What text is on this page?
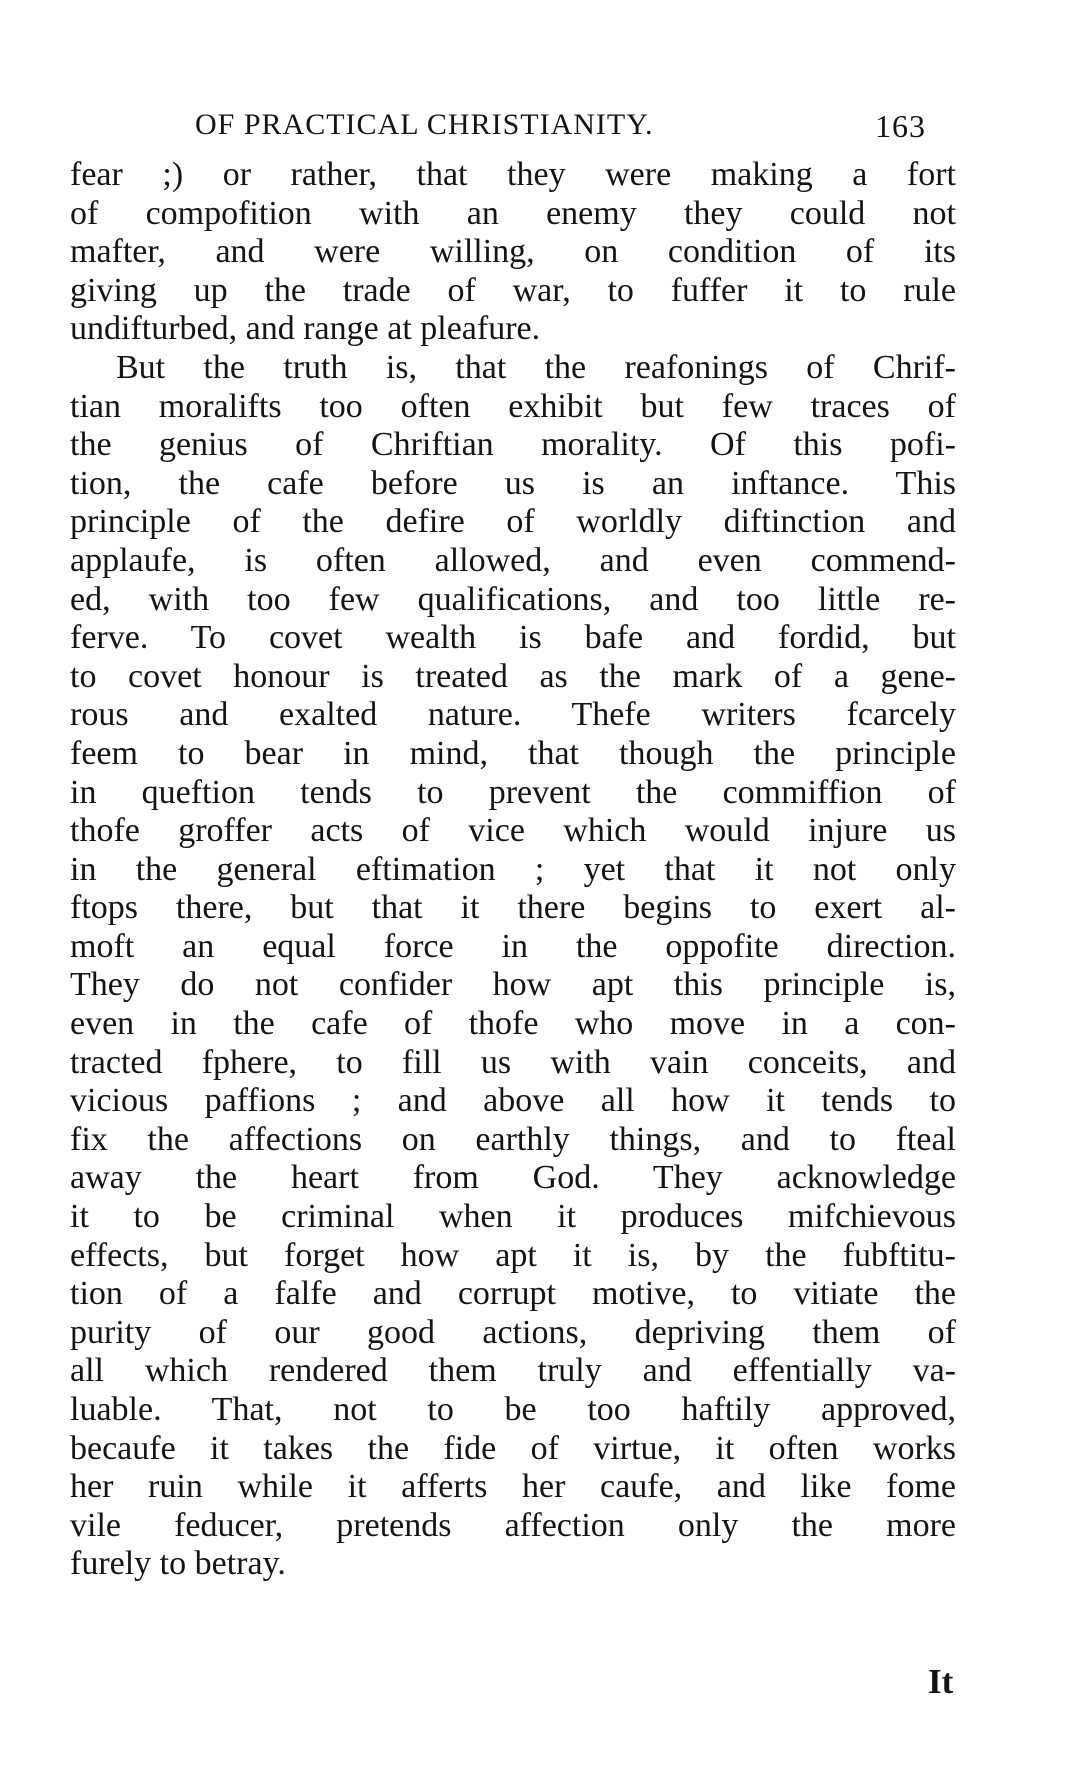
OF PRACTICAL CHRISTIANITY.	163
fear ;) or rather, that they were making a fort
of compofition with an enemy they could not
mafter, and were willing, on condition of its
giving up the trade of war, to fuffer it to rule
undifturbed, and range at pleafure.
But the truth is, that the reafonings of Chrif-
tian moralifts too often exhibit but few traces of
the genius of Chriftian morality. Of this pofi-
tion, the cafe before us is an inftance. This
principle of the defire of worldly diftinction and
applaufe, is often allowed, and even commend-
ed, with too few qualifications, and too little re-
ferve. To covet wealth is bafe and fordid, but
to covet honour is treated as the mark of a gene-
rous and exalted nature. Thefe writers fcarcely
feem to bear in mind, that though the principle
in queftion tends to prevent the commiffion of
thofe groffer acts of vice which would injure us
in the general eftimation ; yet that it not only
ftops there, but that it there begins to exert al-
moft an equal force in the oppofite direction.
They do not confider how apt this principle is,
even in the cafe of thofe who move in a con-
tracted fphere, to fill us with vain conceits, and
vicious paffions ; and above all how it tends to
fix the affections on earthly things, and to fteal
away the heart from God. They acknowledge
it to be criminal when it produces mifchievous
effects, but forget how apt it is, by the fubftitu-
tion of a falfe and corrupt motive, to vitiate the
purity of our good actions, depriving them of
all which rendered them truly and effentially va-
luable. That, not to be too haftily approved,
becaufe it takes the fide of virtue, it often works
her ruin while it afferts her caufe, and like fome
vile feducer, pretends affection only the more
furely to betray.
It
